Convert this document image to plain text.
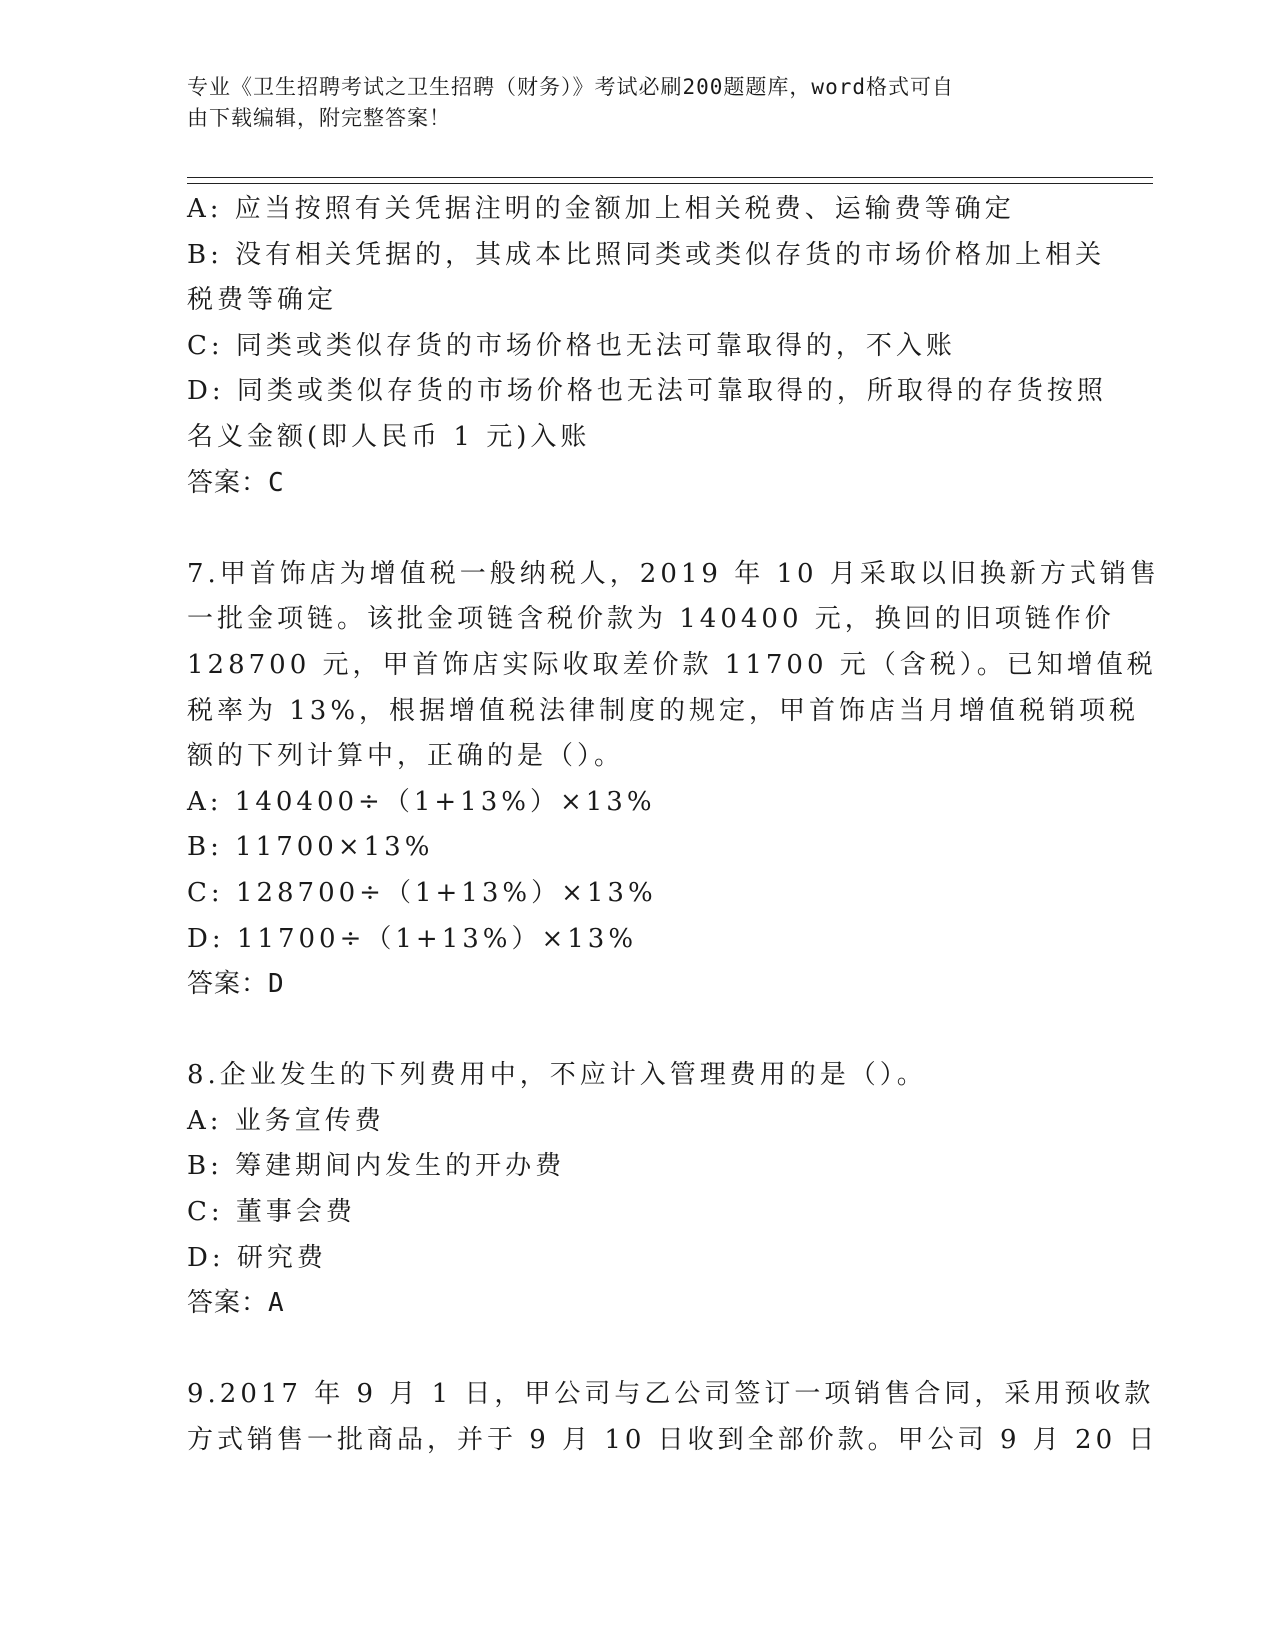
专业《卫生招聘考试之卫生招聘（财务）》考试必刷200题题库，word格式可自
由下载编辑，附完整答案！
A: 应当按照有关凭据注明的金额加上相关税费、运输费等确定
B: 没有相关凭据的，其成本比照同类或类似存货的市场价格加上相关
税费等确定
C: 同类或类似存货的市场价格也无法可靠取得的，不入账
D: 同类或类似存货的市场价格也无法可靠取得的，所取得的存货按照
名义金额(即人民币 1 元)入账
答案：C
7.甲首饰店为增值税一般纳税人，2019 年 10 月采取以旧换新方式销售
一批金项链。该批金项链含税价款为 140400 元，换回的旧项链作价
128700 元，甲首饰店实际收取差价款 11700 元（含税）。已知增值税
税率为 13%，根据增值税法律制度的规定，甲首饰店当月增值税销项税
额的下列计算中，正确的是（）。
A: 140400÷（1+13%）×13%
B: 11700×13%
C: 128700÷（1+13%）×13%
D: 11700÷（1+13%）×13%
答案：D
8.企业发生的下列费用中，不应计入管理费用的是（）。
A: 业务宣传费
B: 筹建期间内发生的开办费
C: 董事会费
D: 研究费
答案：A
9.2017 年 9 月 1 日，甲公司与乙公司签订一项销售合同，采用预收款
方式销售一批商品，并于 9 月 10 日收到全部价款。甲公司 9 月 20 日
